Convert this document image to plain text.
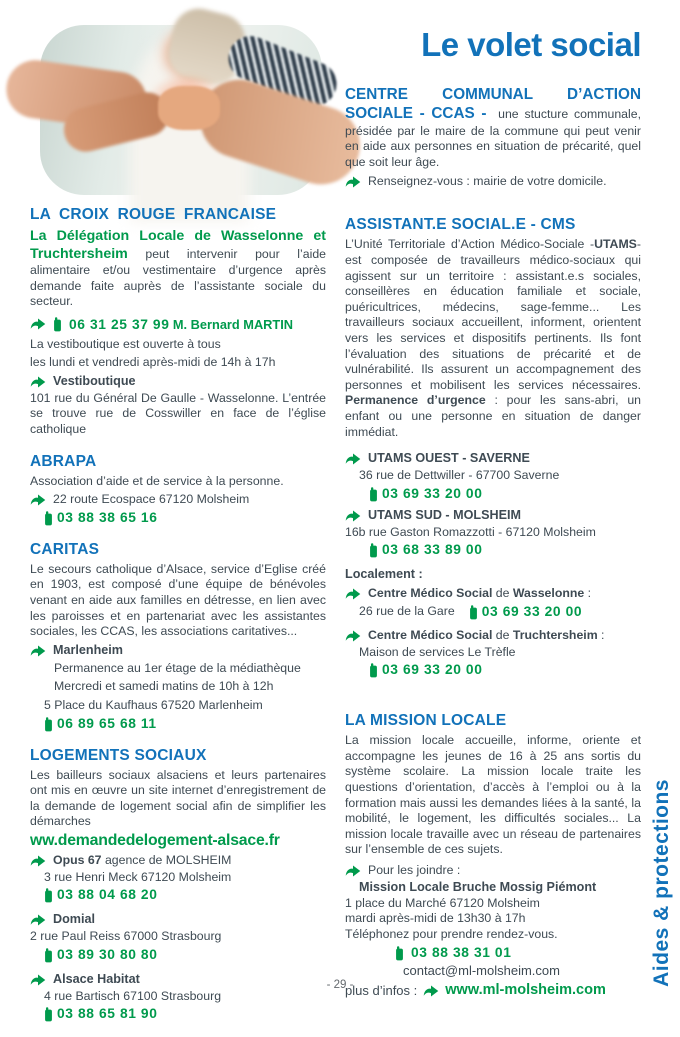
Le volet social

CENTRE COMMUNAL D’ACTION SOCIALE - CCAS - une stucture communale, présidée par le maire de la commune qui peut venir en aide aux personnes en situation de précarité, quel que soit leur âge.

Renseignez-vous : mairie de votre domicile.
ASSISTANT.E SOCIAL.E - CMS

L’Unité Territoriale d’Action Médico-Sociale -UTAMS- est composée de travailleurs médico-sociaux qui agissent sur un territoire : assistant.e.s sociales, conseillères en éducation familiale et sociale, puéricultrices, médecins, sage-femme... Les travailleurs sociaux accueillent, informent, orientent vers les services et dispositifs pertinents. Ils font l’évaluation des situations de précarité et de vulnérabilité. Ils assurent un accompagnement des personnes et mobilisent les services nécessaires. Permanence d’urgence : pour les sans-abri, un enfant ou une personne en situation de danger immédiat.

UTAMS OUEST - SAVERNE

36 rue de Dettwiller - 67700 Saverne

03 69 33 20 00
UTAMS SUD - MOLSHEIM

16b rue Gaston Romazzotti - 67120 Molsheim

03 68 33 89 00

Localement :

Centre Médico Social de Wasselonne :
26 rue de la Gare 03 69 33 20 00
Centre Médico Social de Truchtersheim :

Maison de services Le Trèfle

03 69 33 20 00
LA MISSION LOCALE

La mission locale accueille, informe, oriente et accompagne les jeunes de 16 à 25 ans sortis du système scolaire. La mission locale traite les questions d’orientation, d’accès à l’emploi ou à la formation mais aussi les demandes liées à la santé, la mobilité, le logement, les difficultés sociales... La mission locale travaille avec un réseau de partenaires sur l’ensemble de ces sujets.

Pour les joindre :

Mission Locale Bruche Mossig Piémont

1 place du Marché 67120 Molsheim

mardi après-midi de 13h30 à 17h

Téléphonez pour prendre rendez-vous.

03 88 38 31 01

contact@ml-molsheim.com

plus d’infos : www.ml-molsheim.com
LA CROIX ROUGE FRANCAISE

La Délégation Locale de Wasselonne et Truchtersheim peut intervenir pour l’aide alimentaire et/ou vestimentaire d’urgence après demande faite auprès de l’assistante sociale du secteur.

06 31 25 37 99 M. Bernard MARTIN

La vestiboutique est ouverte à tous

les lundi et vendredi après-midi de 14h à 17h

Vestiboutique

101 rue du Général De Gaulle - Wasselonne. L’entrée se trouve rue de Cosswiller en face de l’église catholique

ABRAPA

Association d’aide et de service à la personne.

22 route Ecospace 67120 Molsheim
03 88 38 65 16
CARITAS

Le secours catholique d’Alsace, service d’Eglise créé en 1903, est composé d’une équipe de bénévoles venant en aide aux familles en détresse, en lien avec les paroisses et en partenariat avec les assistantes sociales, les CCAS, les associations caritatives...

Marlenheim

Permanence au 1er étage de la médiathèque

Mercredi et samedi matins de 10h à 12h

5 Place du Kaufhaus 67520 Marlenheim

06 89 65 68 11
LOGEMENTS SOCIAUX

Les bailleurs sociaux alsaciens et leurs partenaires ont mis en œuvre un site internet d’enregistrement de la demande de logement social afin de simplifier les démarches

ww.demandedelogement-alsace.fr

Opus 67 agence de MOLSHEIM

3 rue Henri Meck 67120 Molsheim

03 88 04 68 20
Domial

2 rue Paul Reiss 67000 Strasbourg

03 89 30 80 80
Alsace Habitat

4 rue Bartisch 67100 Strasbourg

03 88 65 81 90
Aides & protections
- 29 -
